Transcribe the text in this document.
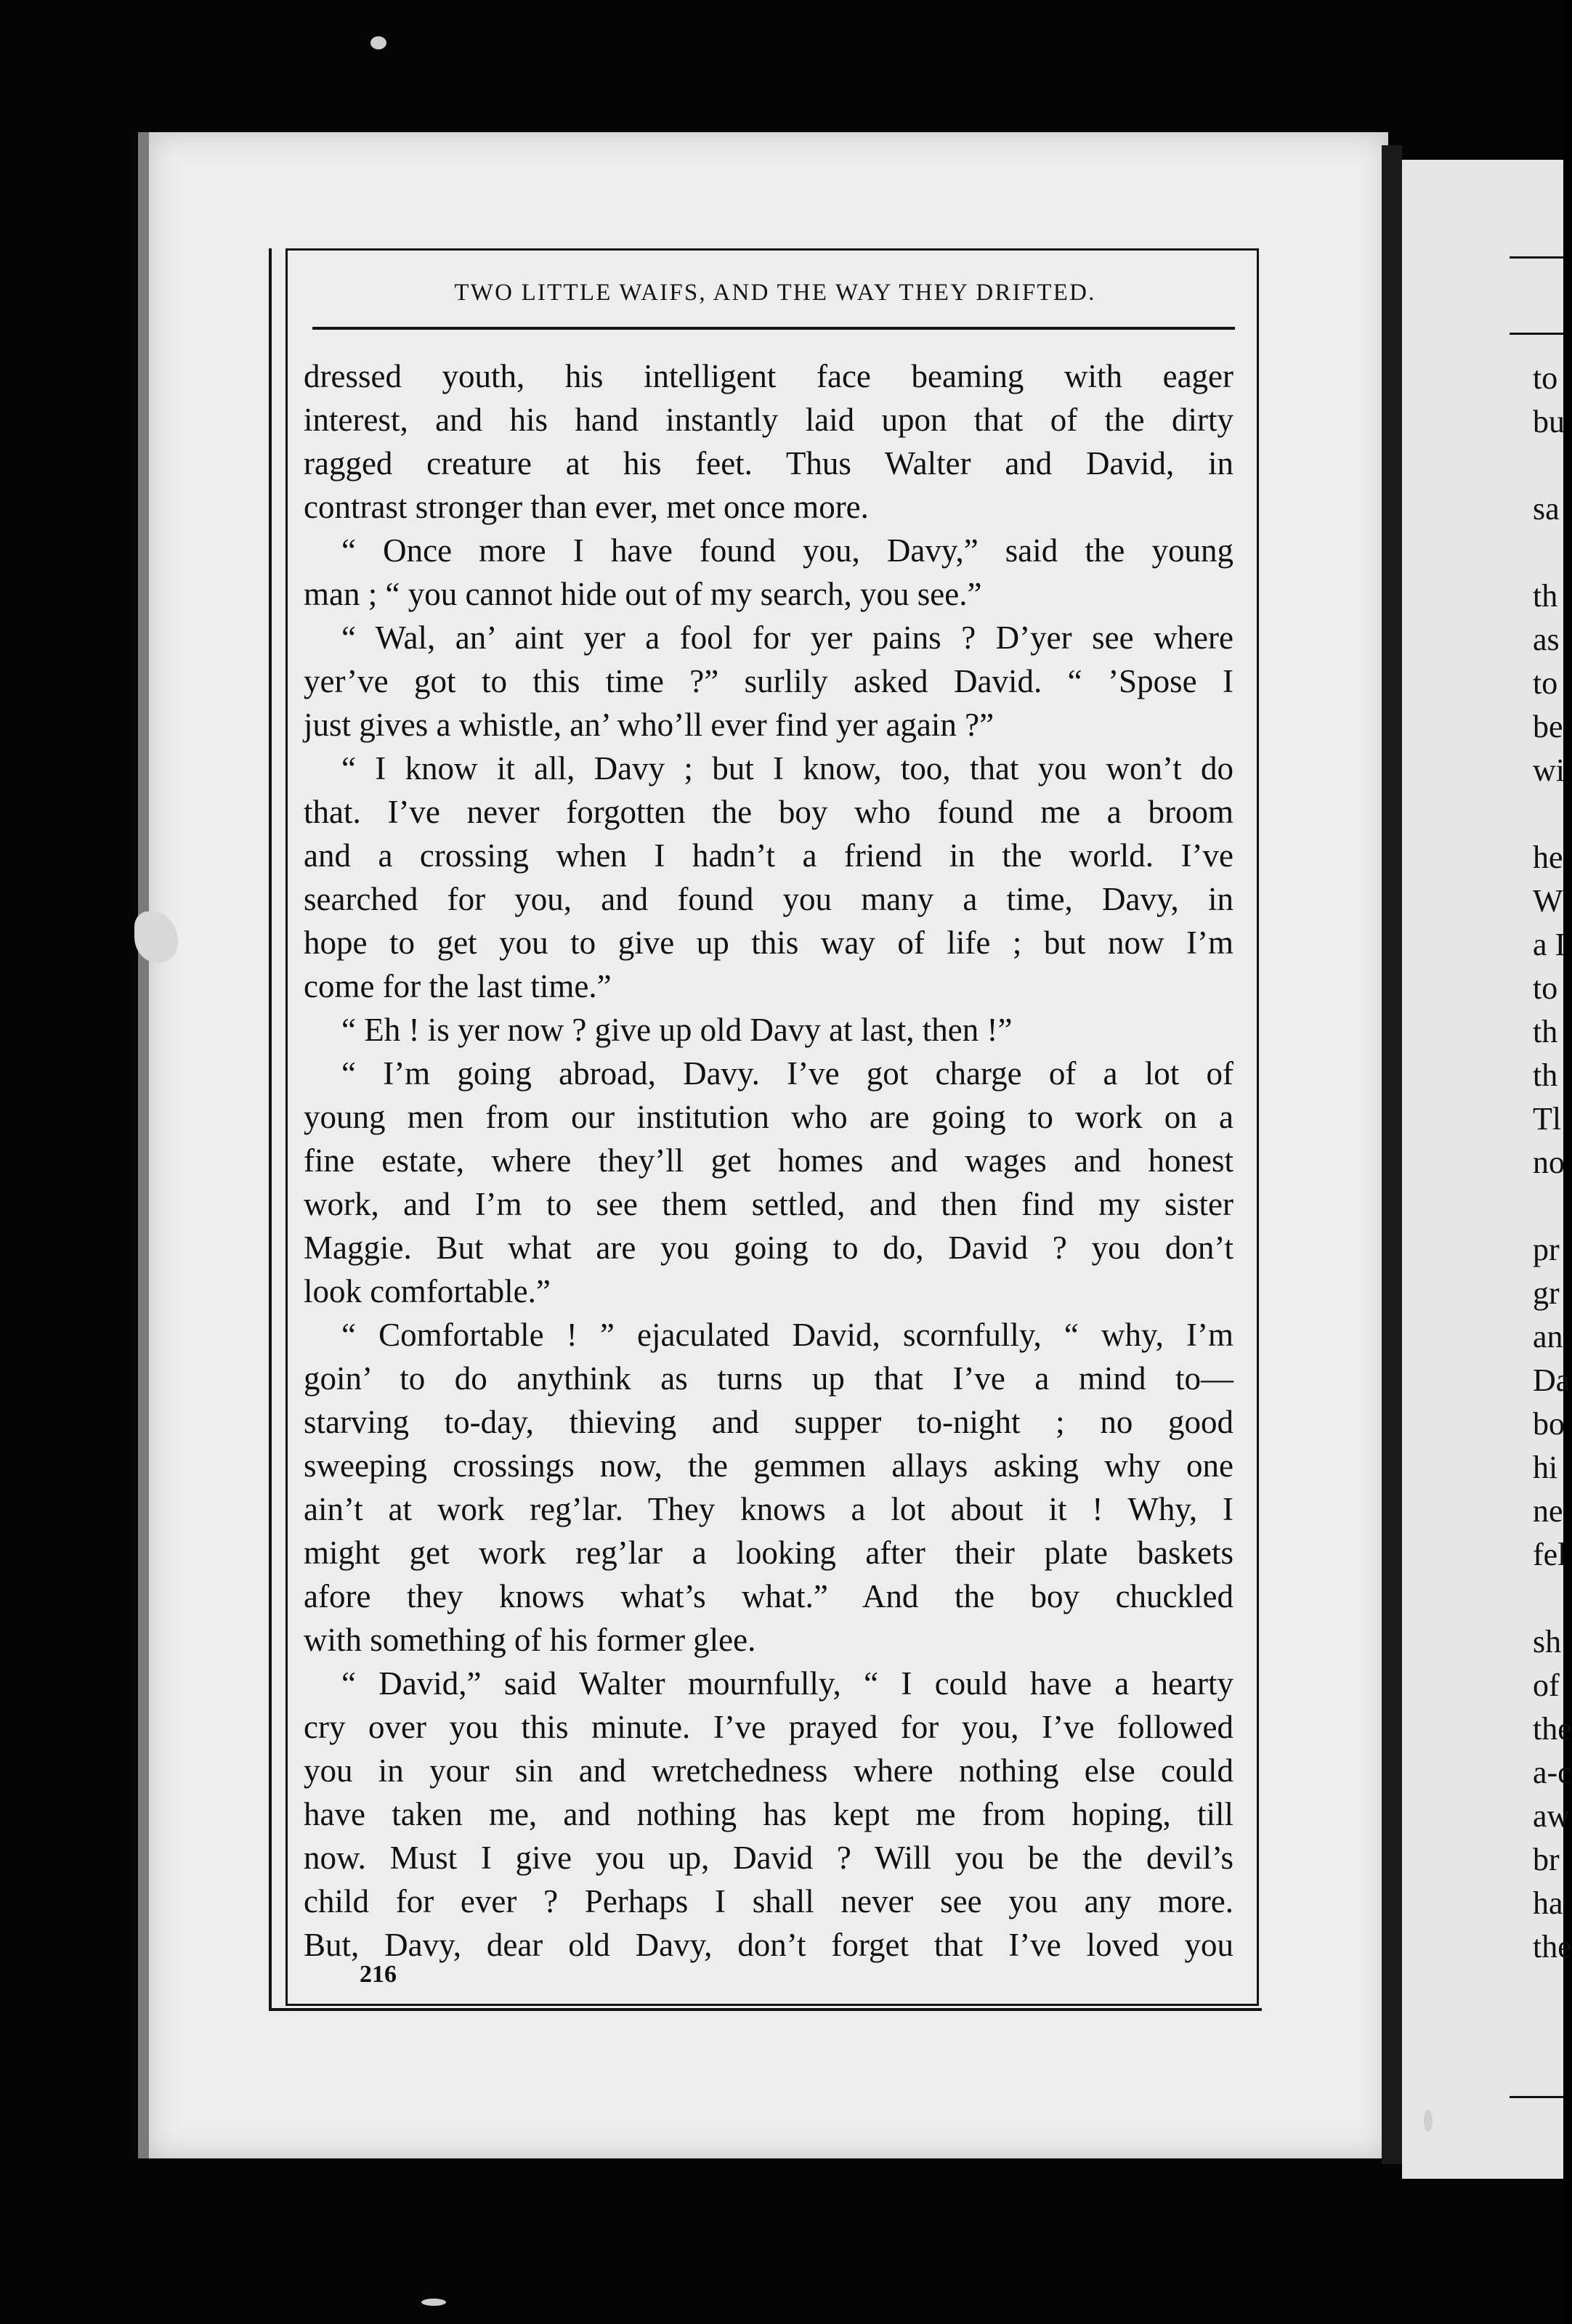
to
bu
sa
th
as
to
be
wi
he
W
a I
to
th
th
Tl
no
pr
gr
an
Da
bo
hi
ne
fel
sh
of
the
a-c
aw
br
ha
the
TWO LITTLE WAIFS, AND THE WAY THEY DRIFTED.
dressed youth, his intelligent face beaming with eager
interest, and his hand instantly laid upon that of the dirty
ragged creature at his feet. Thus Walter and David, in
contrast stronger than ever, met once more.
“ Once more I have found you, Davy,” said the young
man ; “ you cannot hide out of my search, you see.”
“ Wal, an’ aint yer a fool for yer pains ? D’yer see where
yer’ve got to this time ?” surlily asked David. “ ’Spose I
just gives a whistle, an’ who’ll ever find yer again ?”
“ I know it all, Davy ; but I know, too, that you won’t do
that. I’ve never forgotten the boy who found me a broom
and a crossing when I hadn’t a friend in the world. I’ve
searched for you, and found you many a time, Davy, in
hope to get you to give up this way of life ; but now I’m
come for the last time.”
“ Eh ! is yer now ? give up old Davy at last, then !”
“ I’m going abroad, Davy. I’ve got charge of a lot of
young men from our institution who are going to work on a
fine estate, where they’ll get homes and wages and honest
work, and I’m to see them settled, and then find my sister
Maggie. But what are you going to do, David ? you don’t
look comfortable.”
“ Comfortable ! ” ejaculated David, scornfully, “ why, I’m
goin’ to do anythink as turns up that I’ve a mind to—
starving to-day, thieving and supper to-night ; no good
sweeping crossings now, the gemmen allays asking why one
ain’t at work reg’lar. They knows a lot about it ! Why, I
might get work reg’lar a looking after their plate baskets
afore they knows what’s what.” And the boy chuckled
with something of his former glee.
“ David,” said Walter mournfully, “ I could have a hearty
cry over you this minute. I’ve prayed for you, I’ve followed
you in your sin and wretchedness where nothing else could
have taken me, and nothing has kept me from hoping, till
now. Must I give you up, David ? Will you be the devil’s
child for ever ? Perhaps I shall never see you any more.
But, Davy, dear old Davy, don’t forget that I’ve loved you
216
